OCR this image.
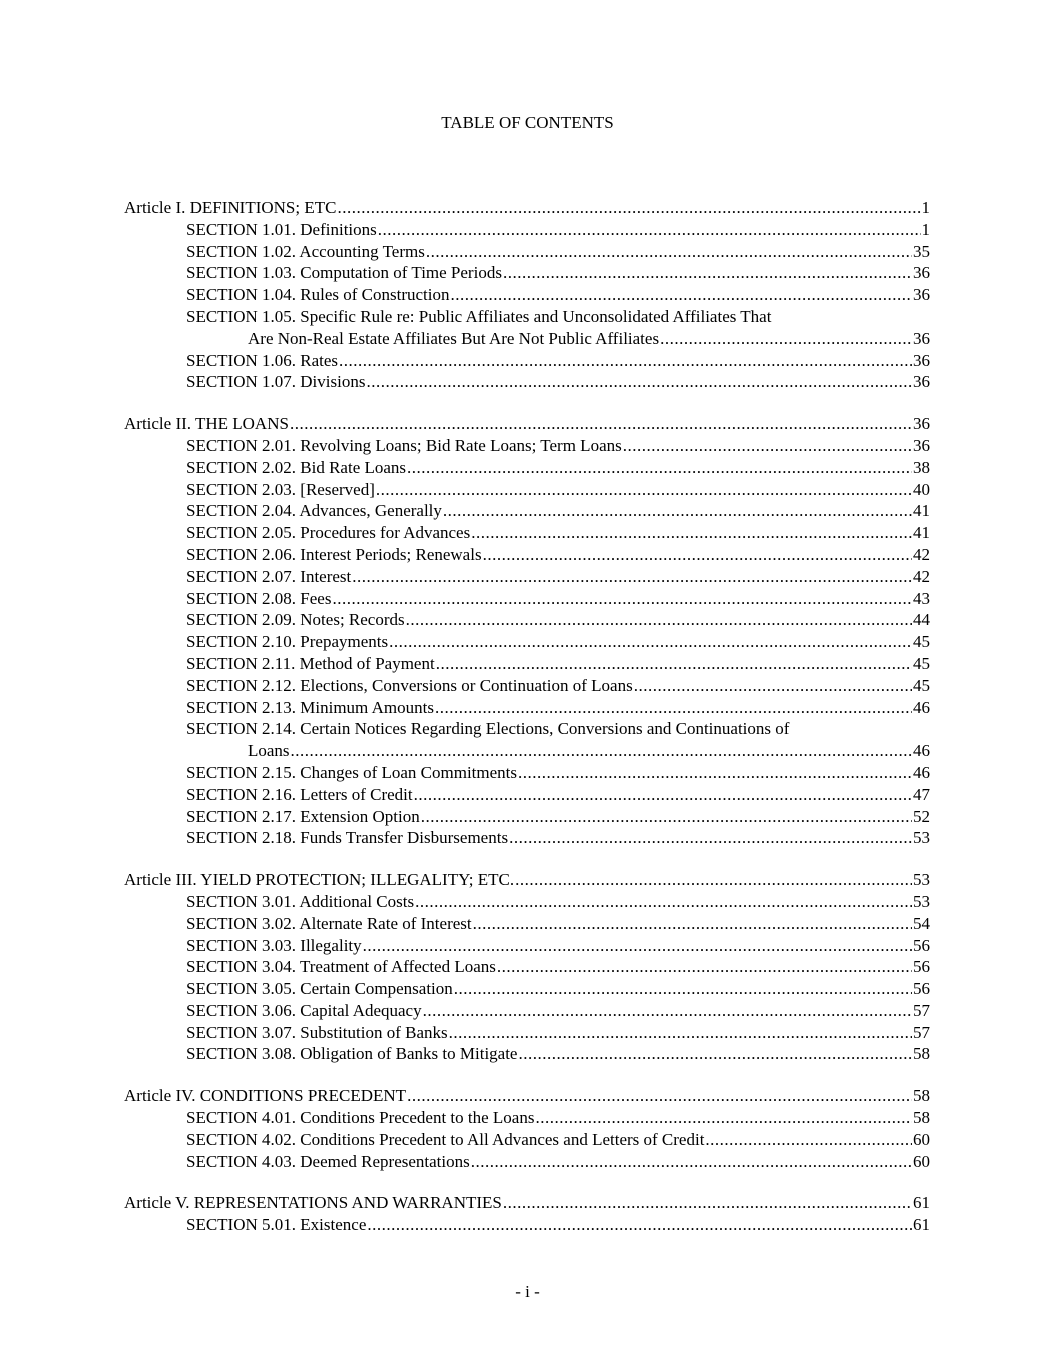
TABLE OF CONTENTS
Article I. DEFINITIONS; ETC .....	1
SECTION 1.01. Definitions .....	1
SECTION 1.02. Accounting Terms .....	35
SECTION 1.03. Computation of Time Periods .....	36
SECTION 1.04. Rules of Construction .....	36
SECTION 1.05. Specific Rule re: Public Affiliates and Unconsolidated Affiliates That
Are Non-Real Estate Affiliates But Are Not Public Affiliates .....	36
SECTION 1.06. Rates .....	36
SECTION 1.07. Divisions .....	36
Article II. THE LOANS .....	36
SECTION 2.01. Revolving Loans; Bid Rate Loans; Term Loans .....	36
SECTION 2.02. Bid Rate Loans .....	38
SECTION 2.03. [Reserved] .....	40
SECTION 2.04. Advances, Generally .....	41
SECTION 2.05. Procedures for Advances .....	41
SECTION 2.06. Interest Periods; Renewals .....	42
SECTION 2.07. Interest .....	42
SECTION 2.08. Fees .....	43
SECTION 2.09. Notes; Records .....	44
SECTION 2.10. Prepayments .....	45
SECTION 2.11. Method of Payment .....	45
SECTION 2.12. Elections, Conversions or Continuation of Loans .....	45
SECTION 2.13. Minimum Amounts .....	46
SECTION 2.14. Certain Notices Regarding Elections, Conversions and Continuations of
Loans .....	46
SECTION 2.15. Changes of Loan Commitments .....	46
SECTION 2.16. Letters of Credit .....	47
SECTION 2.17. Extension Option .....	52
SECTION 2.18. Funds Transfer Disbursements .....	53
Article III. YIELD PROTECTION; ILLEGALITY; ETC. .....	53
SECTION 3.01. Additional Costs .....	53
SECTION 3.02. Alternate Rate of Interest .....	54
SECTION 3.03. Illegality .....	56
SECTION 3.04. Treatment of Affected Loans .....	56
SECTION 3.05. Certain Compensation .....	56
SECTION 3.06. Capital Adequacy .....	57
SECTION 3.07. Substitution of Banks .....	57
SECTION 3.08. Obligation of Banks to Mitigate .....	58
Article IV. CONDITIONS PRECEDENT .....	58
SECTION 4.01. Conditions Precedent to the Loans .....	58
SECTION 4.02. Conditions Precedent to All Advances and Letters of Credit .....	60
SECTION 4.03. Deemed Representations .....	60
Article V. REPRESENTATIONS AND WARRANTIES .....	61
SECTION 5.01. Existence .....	61
- i -
